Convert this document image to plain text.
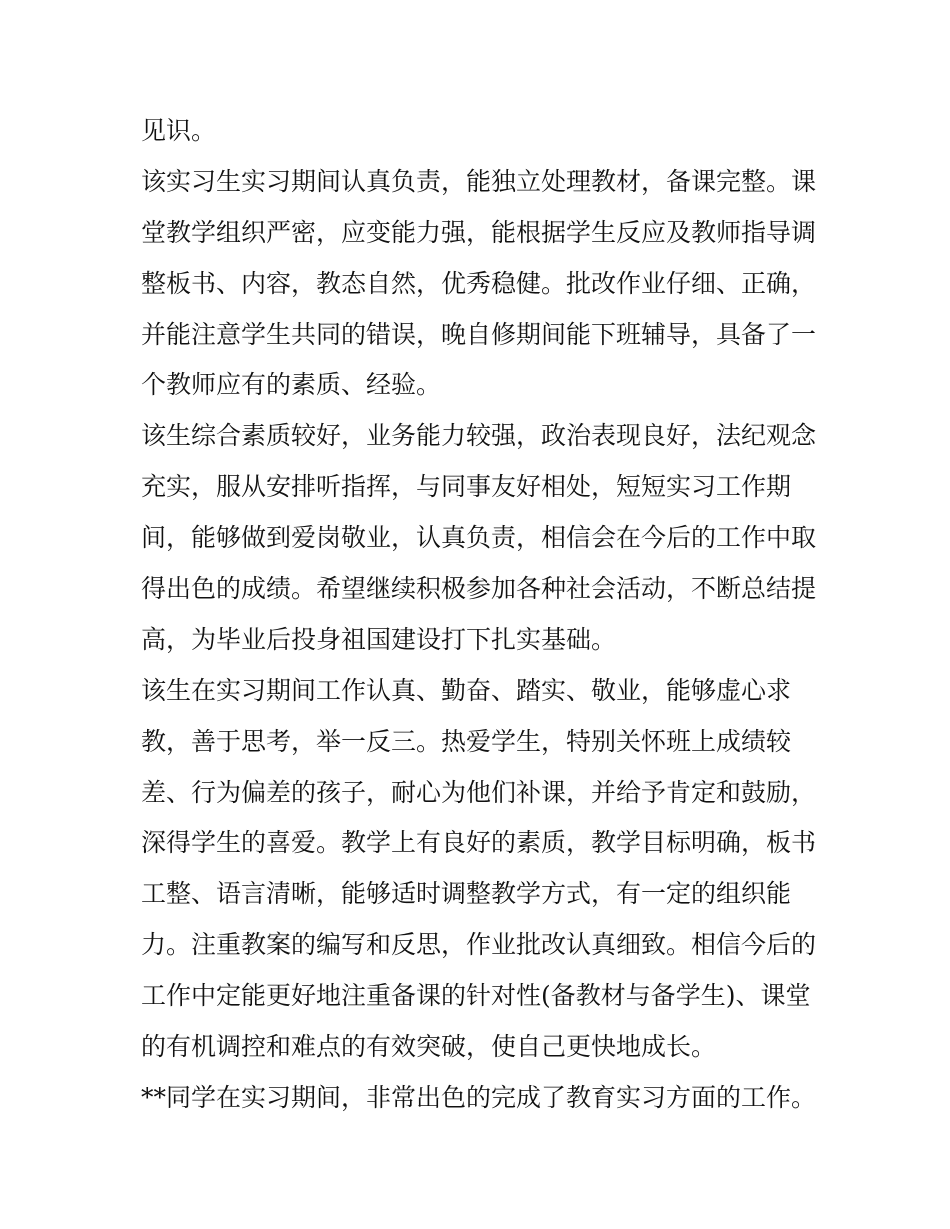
见识。
该实习生实习期间认真负责，能独立处理教材，备课完整。课
堂教学组织严密，应变能力强，能根据学生反应及教师指导调
整板书、内容，教态自然，优秀稳健。批改作业仔细、正确，
并能注意学生共同的错误，晚自修期间能下班辅导，具备了一
个教师应有的素质、经验。
该生综合素质较好，业务能力较强，政治表现良好，法纪观念
充实，服从安排听指挥，与同事友好相处，短短实习工作期
间，能够做到爱岗敬业，认真负责，相信会在今后的工作中取
得出色的成绩。希望继续积极参加各种社会活动，不断总结提
高，为毕业后投身祖国建设打下扎实基础。
该生在实习期间工作认真、勤奋、踏实、敬业，能够虚心求
教，善于思考，举一反三。热爱学生，特别关怀班上成绩较
差、行为偏差的孩子，耐心为他们补课，并给予肯定和鼓励，
深得学生的喜爱。教学上有良好的素质，教学目标明确，板书
工整、语言清晰，能够适时调整教学方式，有一定的组织能
力。注重教案的编写和反思，作业批改认真细致。相信今后的
工作中定能更好地注重备课的针对性(备教材与备学生)、课堂
的有机调控和难点的有效突破，使自己更快地成长。
**同学在实习期间，非常出色的完成了教育实习方面的工作。
